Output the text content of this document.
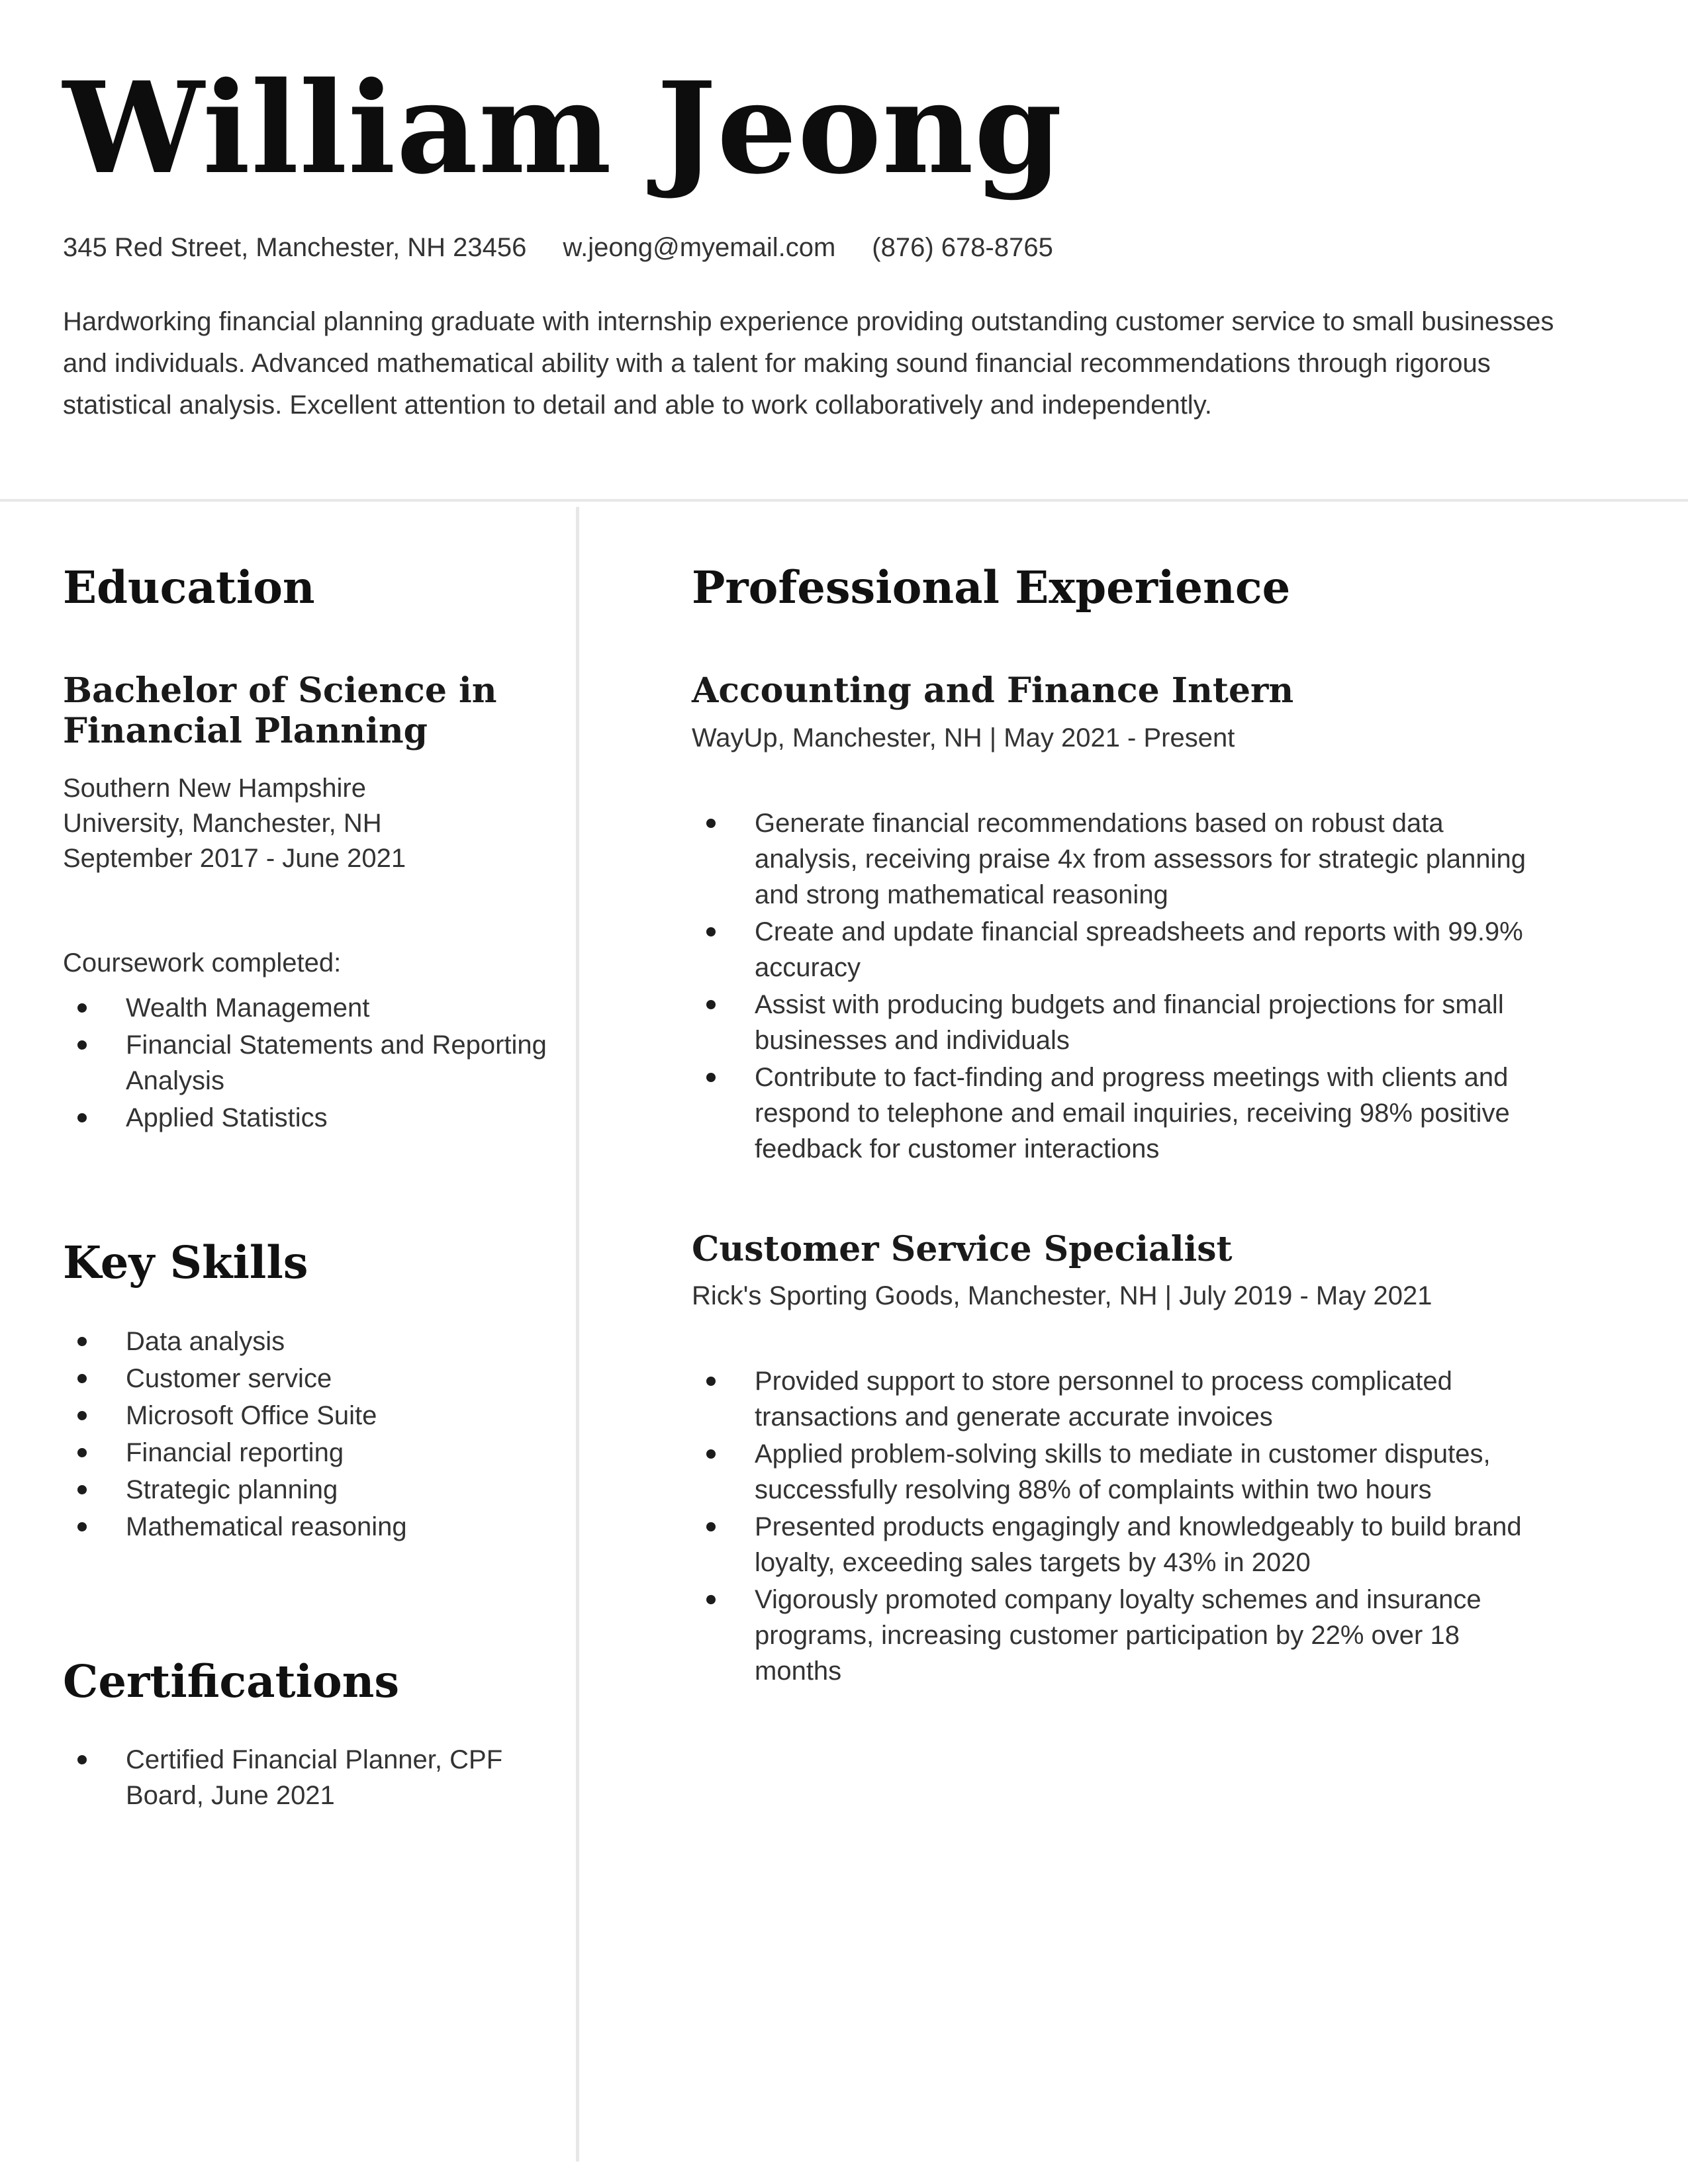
William Jeong
345 Red Street, Manchester, NH 23456 w.jeong@myemail.com (876) 678-8765
Hardworking financial planning graduate with internship experience providing outstanding customer service to small businesses and individuals. Advanced mathematical ability with a talent for making sound financial recommendations through rigorous statistical analysis. Excellent attention to detail and able to work collaboratively and independently.
Education
Bachelor of Science in Financial Planning

Southern New Hampshire University, Manchester, NH

September 2017 - June 2021

Coursework completed:

Wealth Management
Financial Statements and Reporting Analysis
Applied Statistics
Key Skills
Data analysis
Customer service
Microsoft Office Suite
Financial reporting
Strategic planning
Mathematical reasoning
Certifications
Certified Financial Planner, CPF Board, June 2021
Professional Experience
Accounting and Finance Intern

WayUp, Manchester, NH | May 2021 - Present

Generate financial recommendations based on robust data analysis, receiving praise 4x from assessors for strategic planning and strong mathematical reasoning
Create and update financial spreadsheets and reports with 99.9% accuracy
Assist with producing budgets and financial projections for small businesses and individuals
Contribute to fact-finding and progress meetings with clients and respond to telephone and email inquiries, receiving 98% positive feedback for customer interactions
Customer Service Specialist

Rick's Sporting Goods, Manchester, NH | July 2019 - May 2021

Provided support to store personnel to process complicated transactions and generate accurate invoices
Applied problem-solving skills to mediate in customer disputes, successfully resolving 88% of complaints within two hours
Presented products engagingly and knowledgeably to build brand loyalty, exceeding sales targets by 43% in 2020
Vigorously promoted company loyalty schemes and insurance programs, increasing customer participation by 22% over 18 months
